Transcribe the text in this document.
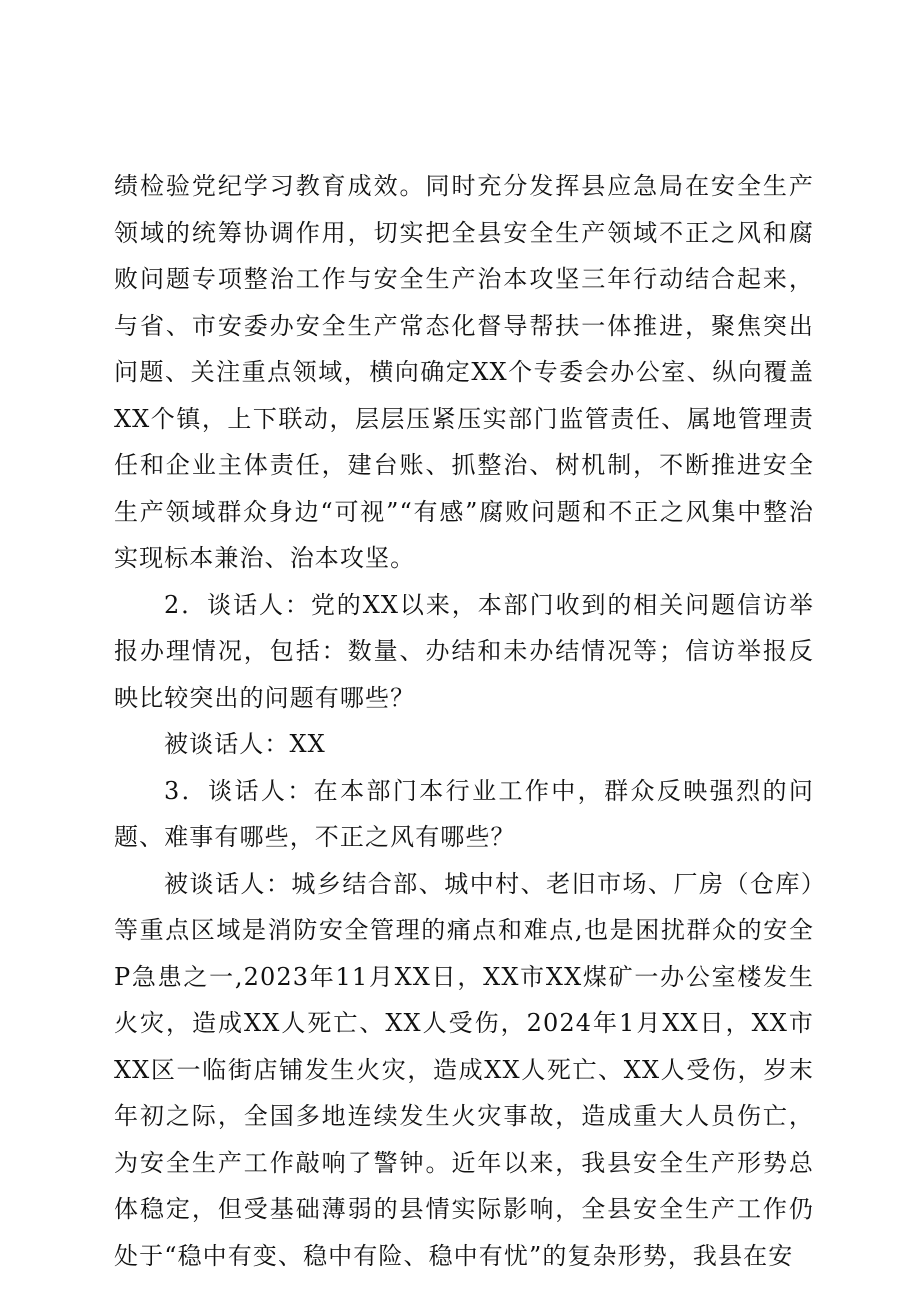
绩检验党纪学习教育成效。同时充分发挥县应急局在安全生产领域的统筹协调作用，切实把全县安全生产领域不正之风和腐败问题专项整治工作与安全生产治本攻坚三年行动结合起来，与省、市安委办安全生产常态化督导帮扶一体推进，聚焦突出问题、关注重点领域，横向确定XX个专委会办公室、纵向覆盖XX个镇，上下联动，层层压紧压实部门监管责任、属地管理责任和企业主体责任，建台账、抓整治、树机制，不断推进安全生产领域群众身边“可视”“有感”腐败问题和不正之风集中整治实现标本兼治、治本攻坚。

2．谈话人：党的XX以来，本部门收到的相关问题信访举报办理情况，包括：数量、办结和未办结情况等；信访举报反映比较突出的问题有哪些？

被谈话人：XX

3．谈话人：在本部门本行业工作中，群众反映强烈的问题、难事有哪些，不正之风有哪些？

被谈话人：城乡结合部、城中村、老旧市场、厂房（仓库）等重点区域是消防安全管理的痛点和难点,也是困扰群众的安全P急患之一,2023年11月XX日，XX市XX煤矿一办公室楼发生火灾，造成XX人死亡、XX人受伤，2024年1月XX日，XX市XX区一临街店铺发生火灾，造成XX人死亡、XX人受伤，岁末年初之际，全国多地连续发生火灾事故，造成重大人员伤亡，为安全生产工作敲响了警钟。近年以来，我县安全生产形势总体稳定，但受基础薄弱的县情实际影响，全县安全生产工作仍处于“稳中有变、稳中有险、稳中有忧”的复杂形势，我县在安
